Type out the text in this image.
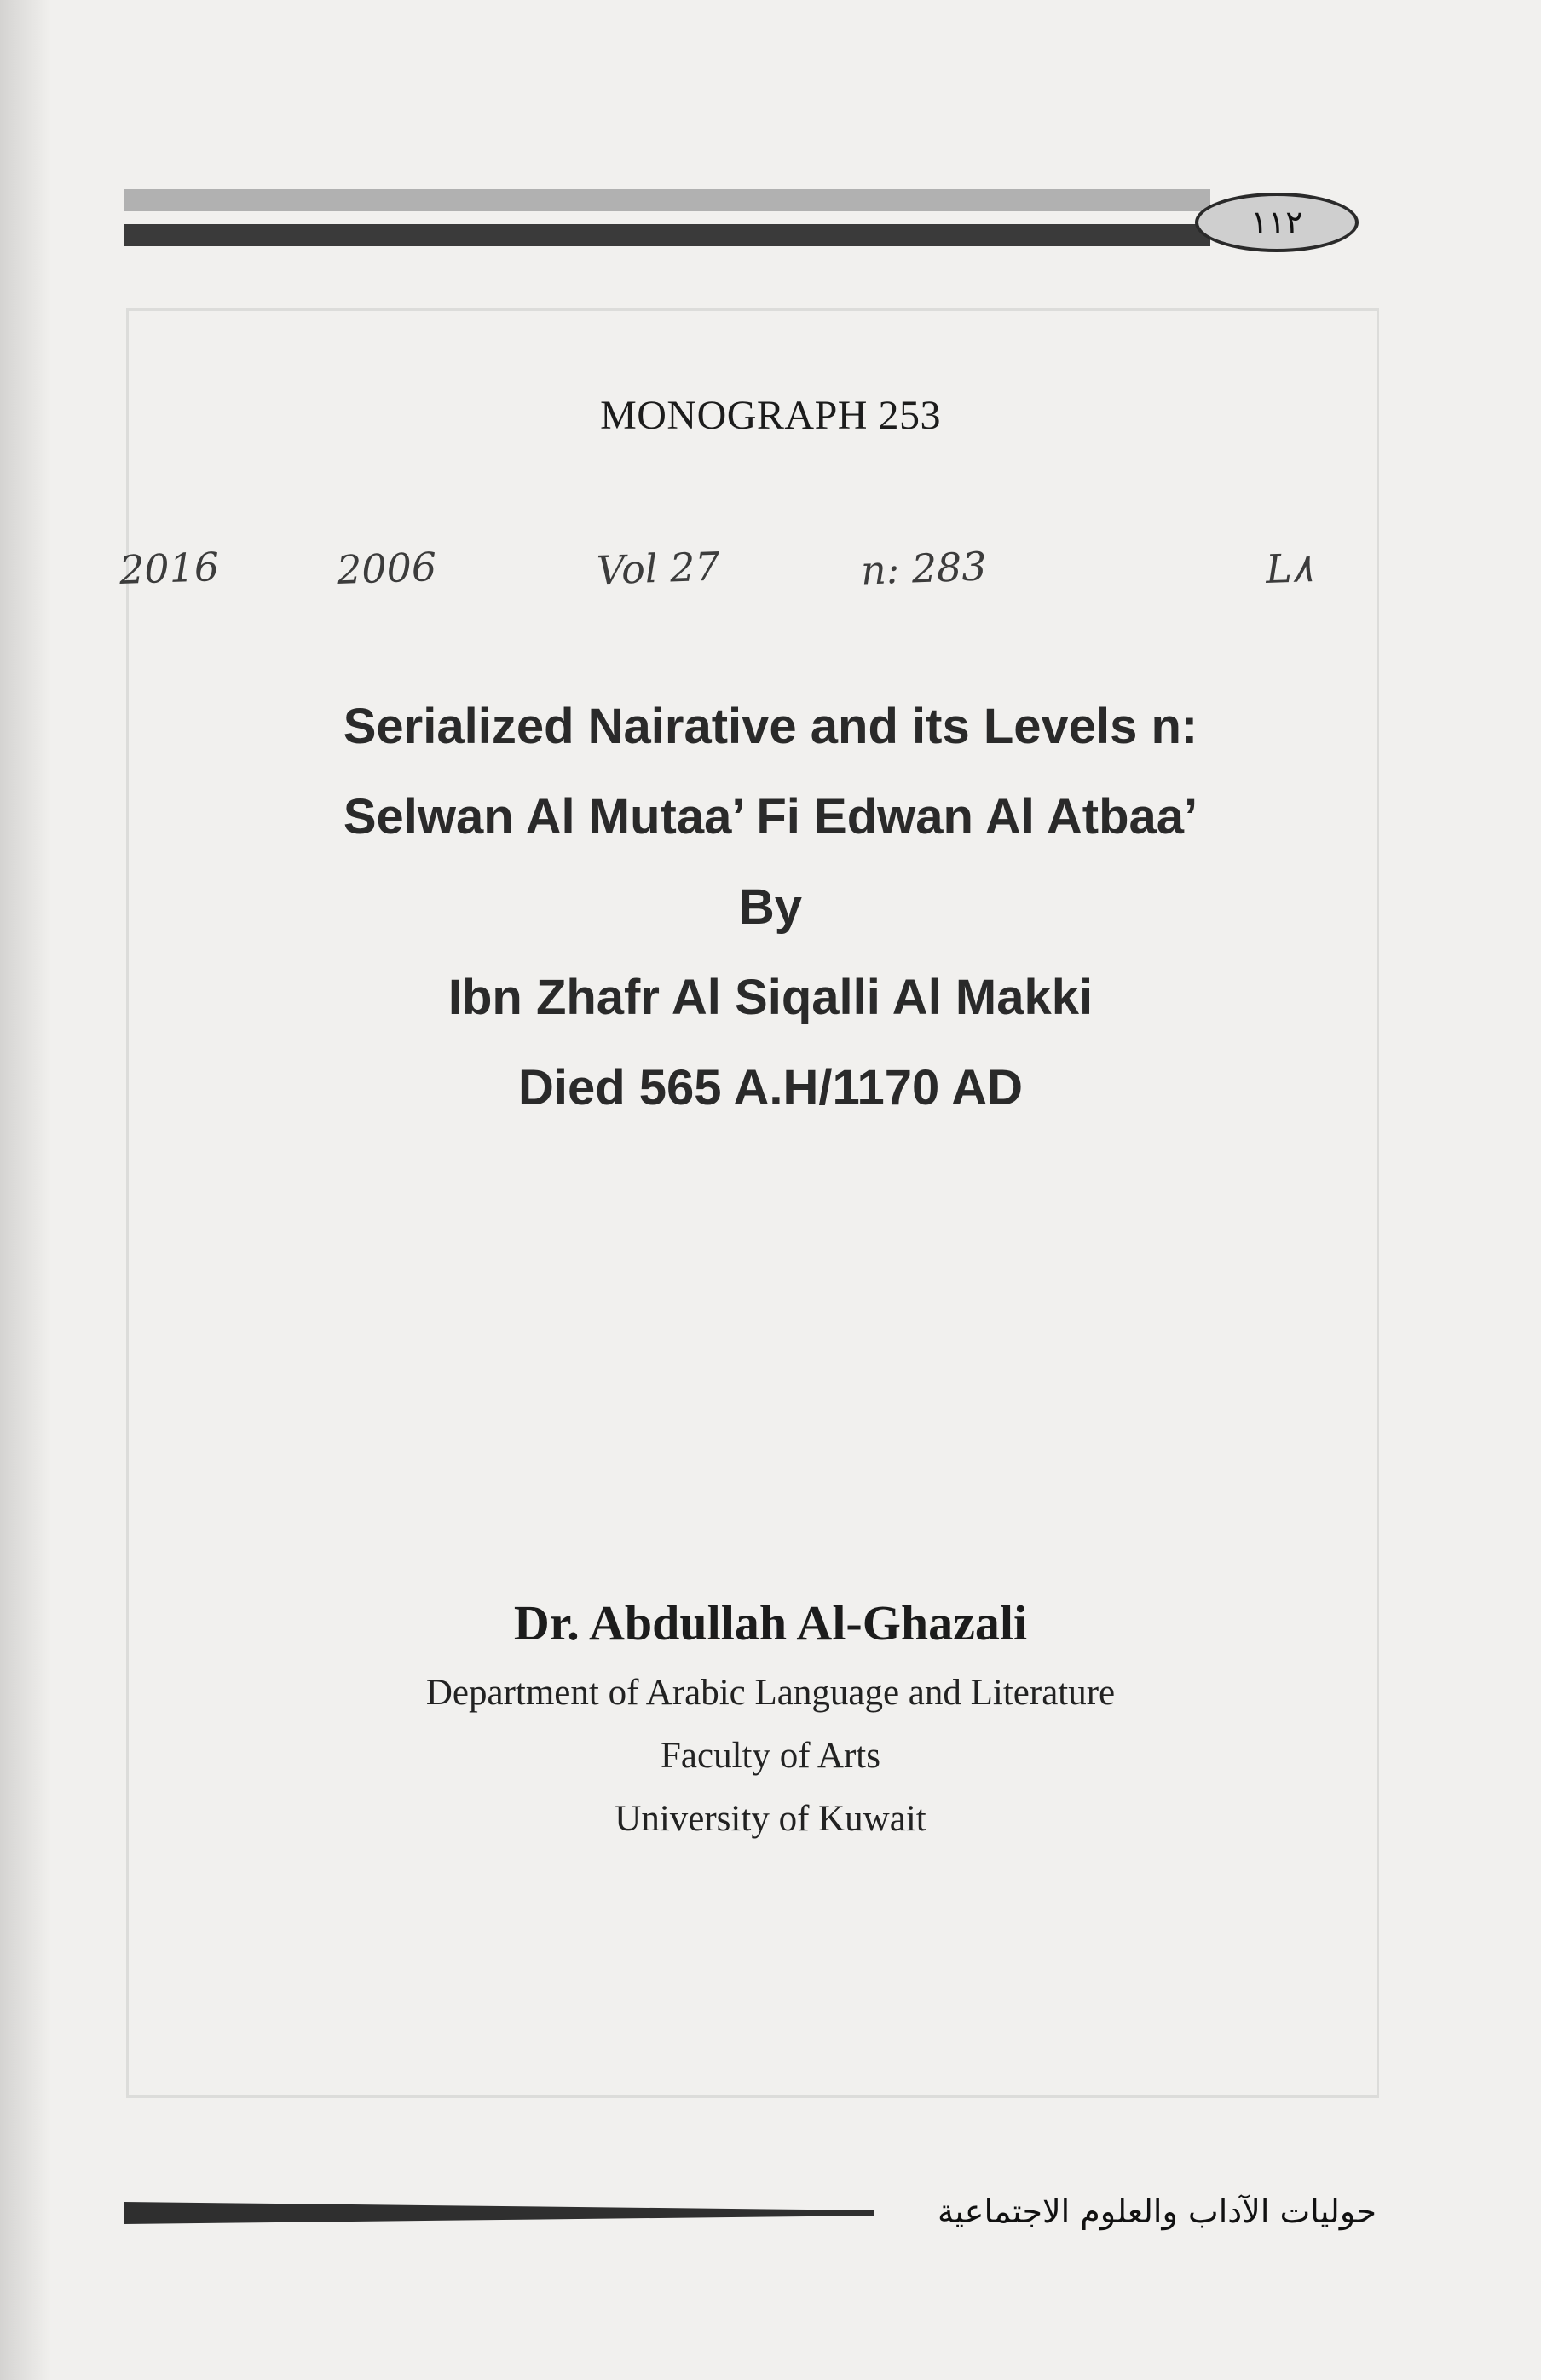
١١٢
MONOGRAPH 253
2016	2006	Vol 27	n: 283	L٨
Serialized Nairative and its Levels n:
Selwan Al Mutaa’ Fi Edwan Al Atbaa’
By
Ibn Zhafr Al Siqalli Al Makki
Died 565 A.H/1170 AD
Dr. Abdullah Al-Ghazali
Department of Arabic Language and Literature
Faculty of Arts
University of Kuwait
حوليات الآداب والعلوم الاجتماعية
